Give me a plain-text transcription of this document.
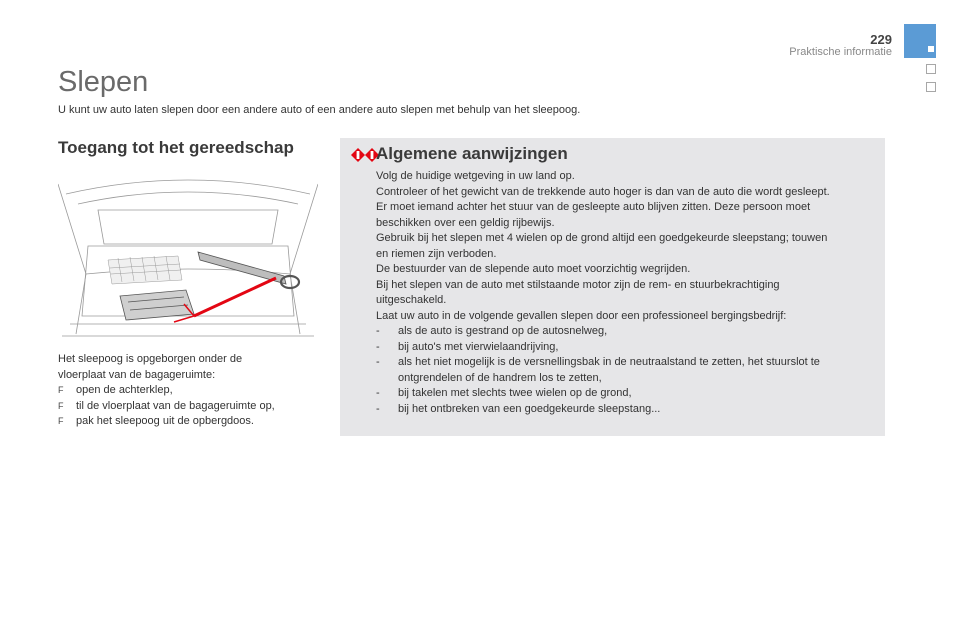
229
Praktische informatie
Slepen
U kunt uw auto laten slepen door een andere auto of een andere auto slepen met behulp van het sleepoog.
Toegang tot het gereedschap
Het sleepoog is opgeborgen onder de
vloerplaat van de bagageruimte:
F	open de achterklep,
F	til de vloerplaat van de bagageruimte op,
F	pak het sleepoog uit de opbergdoos.
Algemene aanwijzingen
Volg de huidige wetgeving in uw land op.
Controleer of het gewicht van de trekkende auto hoger is dan van de auto die wordt gesleept.
Er moet iemand achter het stuur van de gesleepte auto blijven zitten. Deze persoon moet
beschikken over een geldig rijbewijs.
Gebruik bij het slepen met 4 wielen op de grond altijd een goedgekeurde sleepstang; touwen
en riemen zijn verboden.
De bestuurder van de slepende auto moet voorzichtig wegrijden.
Bij het slepen van de auto met stilstaande motor zijn de rem- en stuurbekrachtiging
uitgeschakeld.
Laat uw auto in de volgende gevallen slepen door een professioneel bergingsbedrijf:
-	als de auto is gestrand op de autosnelweg,
-	bij auto's met vierwielaandrijving,
-	als het niet mogelijk is de versnellingsbak in de neutraalstand te zetten, het stuurslot te
ontgrendelen of de handrem los te zetten,
-	bij takelen met slechts twee wielen op de grond,
-	bij het ontbreken van een goedgekeurde sleepstang...
